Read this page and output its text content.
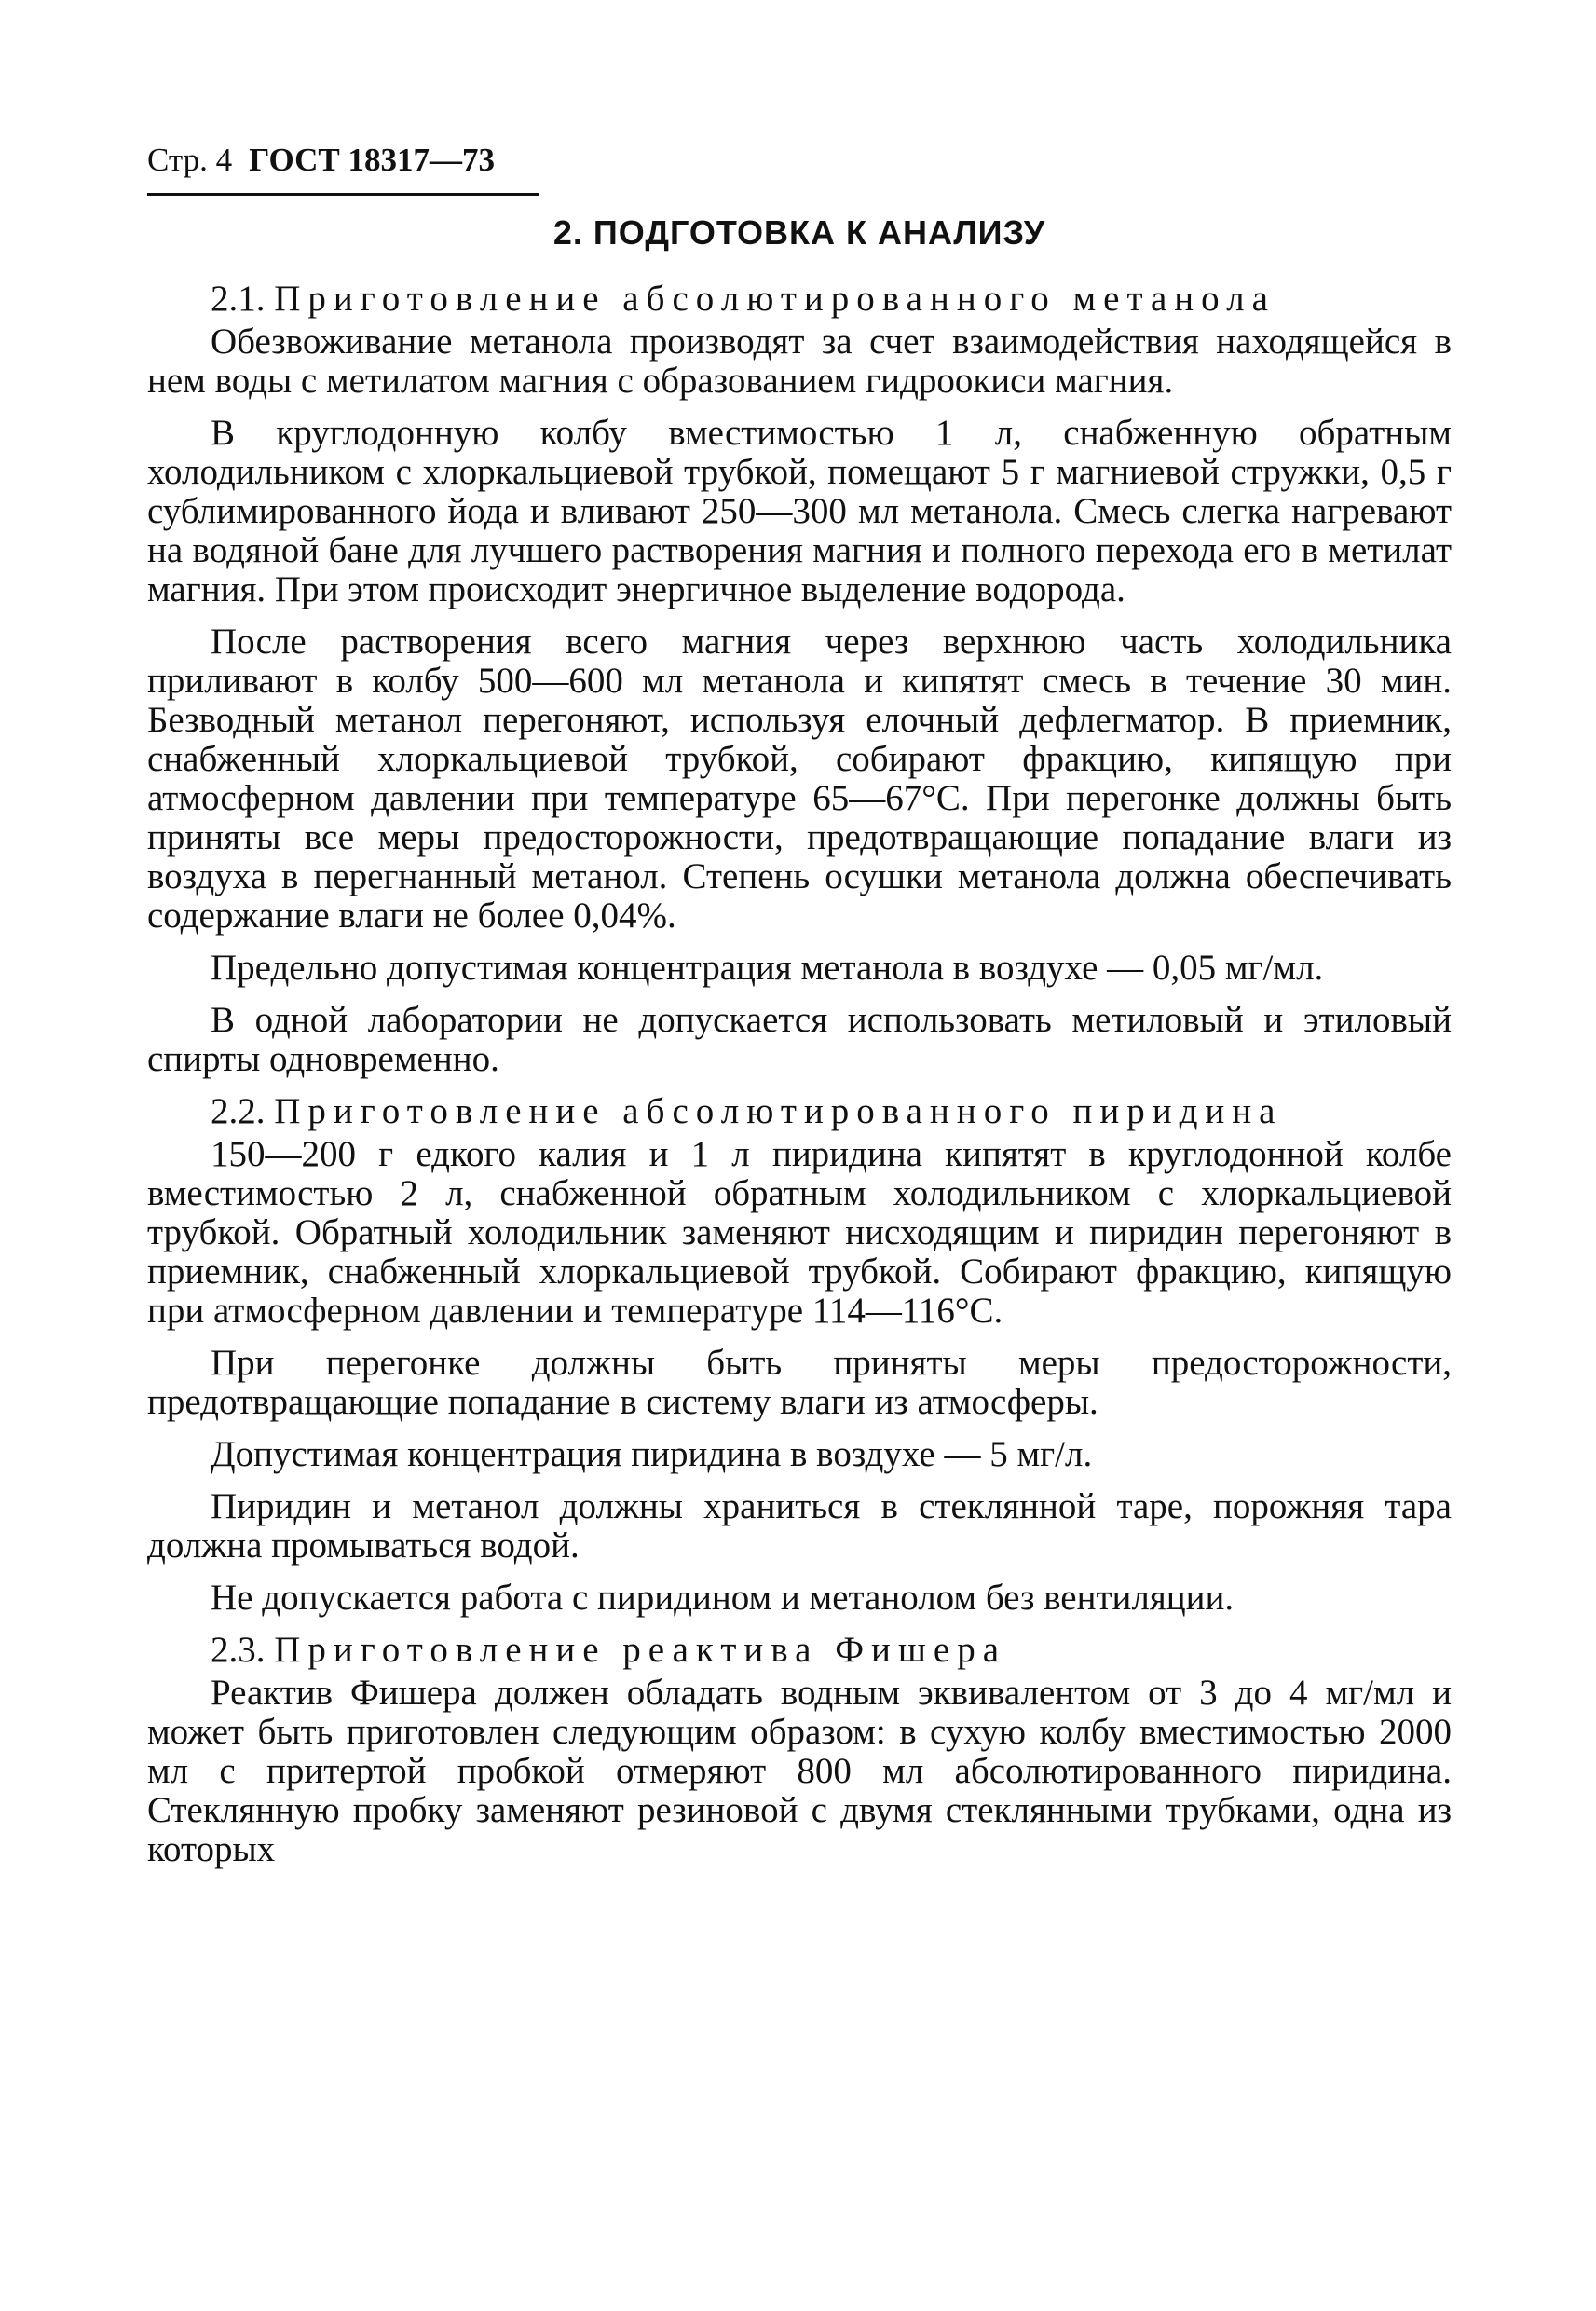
Стр. 4 ГОСТ 18317—73
2. ПОДГОТОВКА К АНАЛИЗУ
2.1. Приготовление абсолютированного метанола
Обезвоживание метанола производят за счет взаимодействия находящейся в нем воды с метилатом магния с образованием гидроокиси магния.
В круглодонную колбу вместимостью 1 л, снабженную обратным холодильником с хлоркальциевой трубкой, помещают 5 г магниевой стружки, 0,5 г сублимированного йода и вливают 250—300 мл метанола. Смесь слегка нагревают на водяной бане для лучшего растворения магния и полного перехода его в метилат магния. При этом происходит энергичное выделение водорода.
После растворения всего магния через верхнюю часть холодильника приливают в колбу 500—600 мл метанола и кипятят смесь в течение 30 мин. Безводный метанол перегоняют, используя елочный дефлегматор. В приемник, снабженный хлоркальциевой трубкой, собирают фракцию, кипящую при атмосферном давлении при температуре 65—67°С. При перегонке должны быть приняты все меры предосторожности, предотвращающие попадание влаги из воздуха в перегнанный метанол. Степень осушки метанола должна обеспечивать содержание влаги не более 0,04%.
Предельно допустимая концентрация метанола в воздухе — 0,05 мг/мл.
В одной лаборатории не допускается использовать метиловый и этиловый спирты одновременно.
2.2. Приготовление абсолютированного пиридина
150—200 г едкого калия и 1 л пиридина кипятят в круглодонной колбе вместимостью 2 л, снабженной обратным холодильником с хлоркальциевой трубкой. Обратный холодильник заменяют нисходящим и пиридин перегоняют в приемник, снабженный хлоркальциевой трубкой. Собирают фракцию, кипящую при атмосферном давлении и температуре 114—116°С.
При перегонке должны быть приняты меры предосторожности, предотвращающие попадание в систему влаги из атмосферы.
Допустимая концентрация пиридина в воздухе — 5 мг/л.
Пиридин и метанол должны храниться в стеклянной таре, порожняя тара должна промываться водой.
Не допускается работа с пиридином и метанолом без вентиляции.
2.3. Приготовление реактива Фишера
Реактив Фишера должен обладать водным эквивалентом от 3 до 4 мг/мл и может быть приготовлен следующим образом: в сухую колбу вместимостью 2000 мл с притертой пробкой отмеряют 800 мл абсолютированного пиридина. Стеклянную пробку заменяют резиновой с двумя стеклянными трубками, одна из которых
